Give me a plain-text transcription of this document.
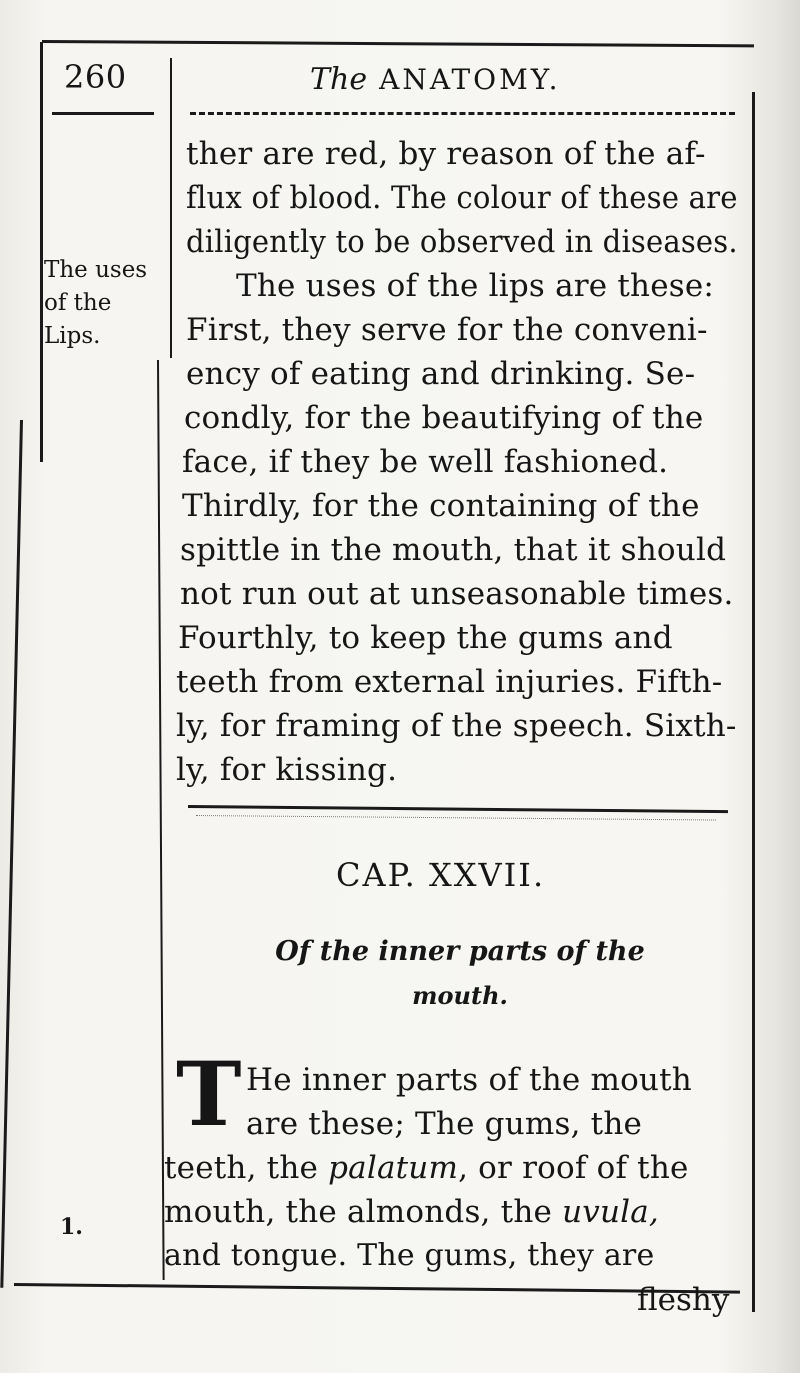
260	The ANATOMY.
The uses
of the
Lips.
1.
ther are red, by reason of the af-
flux of blood. The colour of these are
diligently to be observed in diseases.
The uses of the lips are these:
First, they serve for the conveni-
ency of eating and drinking. Se-
condly, for the beautifying of the
face, if they be well fashioned.
Thirdly, for the containing of the
spittle in the mouth, that it should
not run out at unseasonable times.
Fourthly, to keep the gums and
teeth from external injuries. Fifth-
ly, for framing of the speech. Sixth-
ly, for kissing.
CAP. XXVII.
Of the inner parts of the
mouth.
T He inner parts of the mouth
are these; The gums, the
teeth, the palatum, or roof of the
mouth, the almonds, the uvula,
and tongue. The gums, they are
fleshy
